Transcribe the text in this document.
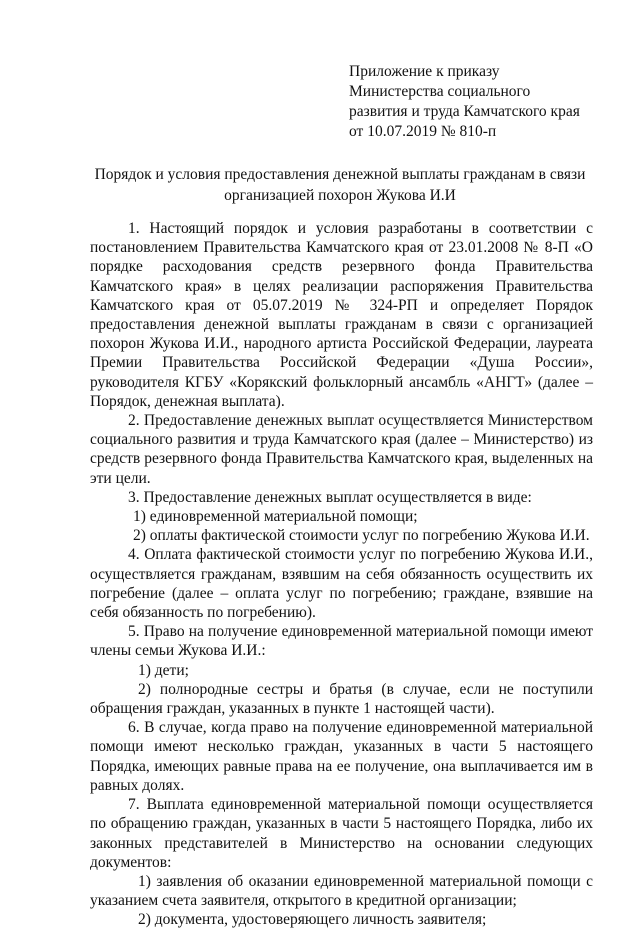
Приложение к приказу
Министерства социального
развития и труда Камчатского края
от 10.07.2019 № 810-п
Порядок и условия предоставления денежной выплаты гражданам в связи
организацией похорон Жукова И.И

1. Настоящий порядок и условия разработаны в соответствии с постановлением Правительства Камчатского края от 23.01.2008 № 8-П «О порядке расходования средств резервного фонда Правительства Камчатского края» в целях реализации распоряжения Правительства Камчатского края от 05.07.2019 № 324-РП и определяет Порядок предоставления денежной выплаты гражданам в связи с организацией похорон Жукова И.И., народного артиста Российской Федерации, лауреата Премии Правительства Российской Федерации «Душа России», руководителя КГБУ «Корякский фольклорный ансамбль «АНГТ» (далее – Порядок, денежная выплата).

2. Предоставление денежных выплат осуществляется Министерством социального развития и труда Камчатского края (далее – Министерство) из средств резервного фонда Правительства Камчатского края, выделенных на эти цели.

3. Предоставление денежных выплат осуществляется в виде:

1) единовременной материальной помощи;

2) оплаты фактической стоимости услуг по погребению Жукова И.И.

4. Оплата фактической стоимости услуг по погребению Жукова И.И., осуществляется гражданам, взявшим на себя обязанность осуществить их погребение (далее – оплата услуг по погребению; граждане, взявшие на себя обязанность по погребению).

5. Право на получение единовременной материальной помощи имеют члены семьи Жукова И.И.:

1) дети;

2) полнородные сестры и братья (в случае, если не поступили обращения граждан, указанных в пункте 1 настоящей части).

6. В случае, когда право на получение единовременной материальной помощи имеют несколько граждан, указанных в части 5 настоящего Порядка, имеющих равные права на ее получение, она выплачивается им в равных долях.

7. Выплата единовременной материальной помощи осуществляется по обращению граждан, указанных в части 5 настоящего Порядка, либо их законных представителей в Министерство на основании следующих документов:

1) заявления об оказании единовременной материальной помощи с указанием счета заявителя, открытого в кредитной организации;

2) документа, удостоверяющего личность заявителя;
